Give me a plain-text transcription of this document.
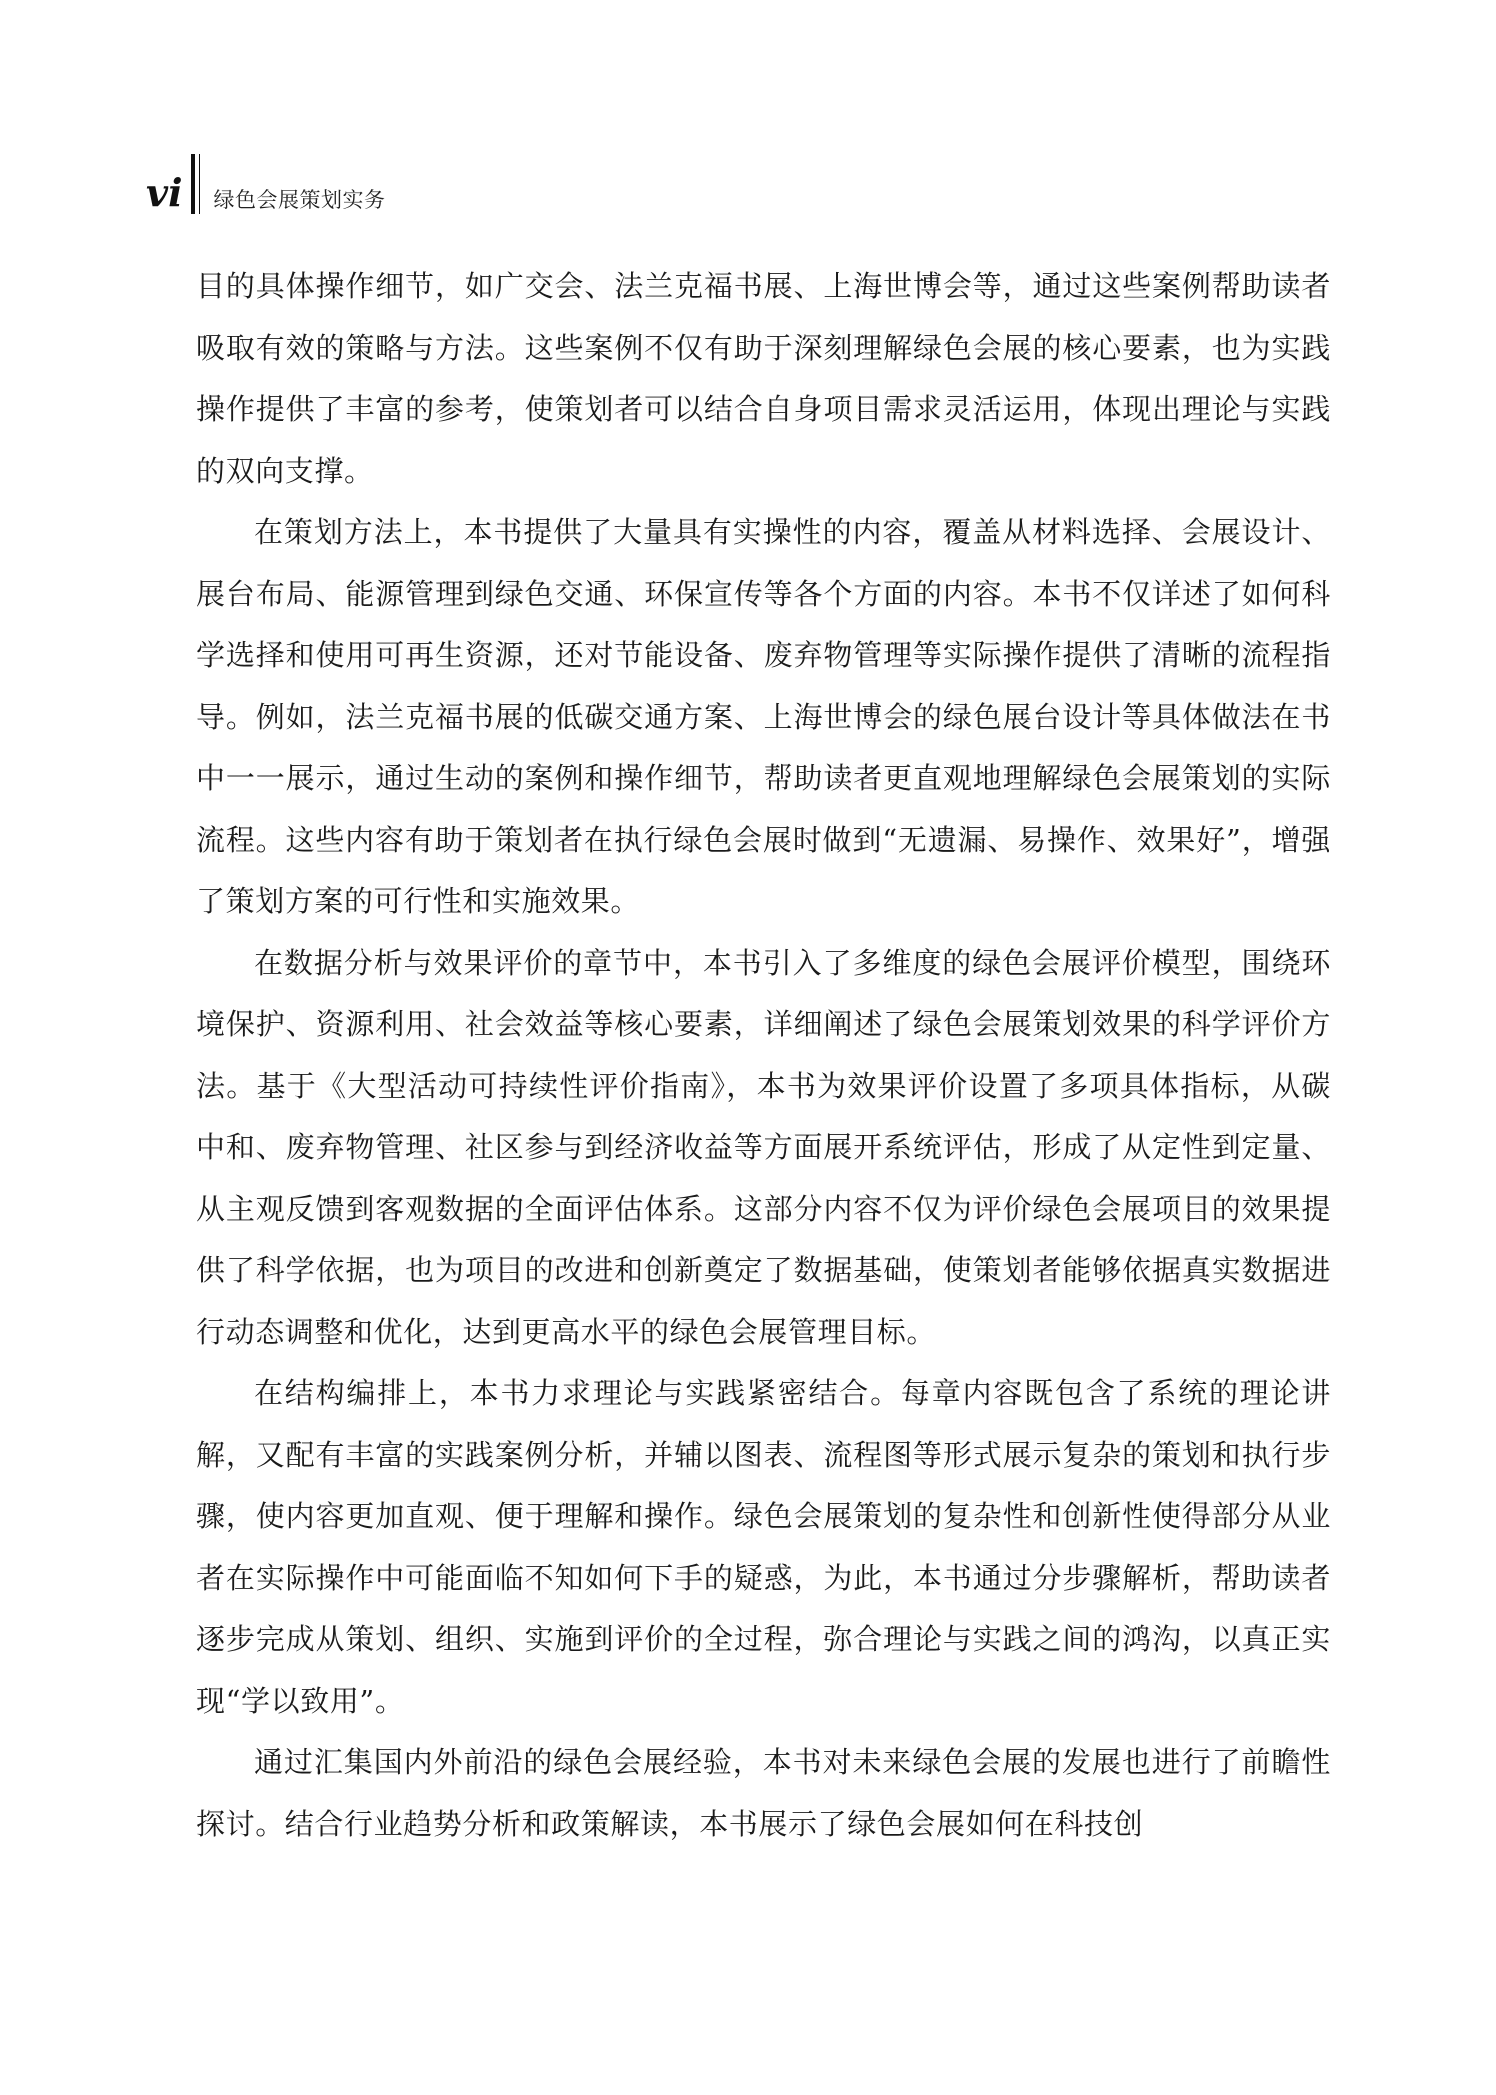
vi 绿色会展策划实务

目的具体操作细节，如广交会、法兰克福书展、上海世博会等，通过这些案例帮助读者吸取有效的策略与方法。这些案例不仅有助于深刻理解绿色会展的核心要素，也为实践操作提供了丰富的参考，使策划者可以结合自身项目需求灵活运用，体现出理论与实践的双向支撑。

在策划方法上，本书提供了大量具有实操性的内容，覆盖从材料选择、会展设计、展台布局、能源管理到绿色交通、环保宣传等各个方面的内容。本书不仅详述了如何科学选择和使用可再生资源，还对节能设备、废弃物管理等实际操作提供了清晰的流程指导。例如，法兰克福书展的低碳交通方案、上海世博会的绿色展台设计等具体做法在书中一一展示，通过生动的案例和操作细节，帮助读者更直观地理解绿色会展策划的实际流程。这些内容有助于策划者在执行绿色会展时做到“无遗漏、易操作、效果好”，增强了策划方案的可行性和实施效果。

在数据分析与效果评价的章节中，本书引入了多维度的绿色会展评价模型，围绕环境保护、资源利用、社会效益等核心要素，详细阐述了绿色会展策划效果的科学评价方法。基于《大型活动可持续性评价指南》，本书为效果评价设置了多项具体指标，从碳中和、废弃物管理、社区参与到经济收益等方面展开系统评估，形成了从定性到定量、从主观反馈到客观数据的全面评估体系。这部分内容不仅为评价绿色会展项目的效果提供了科学依据，也为项目的改进和创新奠定了数据基础，使策划者能够依据真实数据进行动态调整和优化，达到更高水平的绿色会展管理目标。

在结构编排上，本书力求理论与实践紧密结合。每章内容既包含了系统的理论讲解，又配有丰富的实践案例分析，并辅以图表、流程图等形式展示复杂的策划和执行步骤，使内容更加直观、便于理解和操作。绿色会展策划的复杂性和创新性使得部分从业者在实际操作中可能面临不知如何下手的疑惑，为此，本书通过分步骤解析，帮助读者逐步完成从策划、组织、实施到评价的全过程，弥合理论与实践之间的鸿沟，以真正实现“学以致用”。

通过汇集国内外前沿的绿色会展经验，本书对未来绿色会展的发展也进行了前瞻性探讨。结合行业趋势分析和政策解读，本书展示了绿色会展如何在科技创
